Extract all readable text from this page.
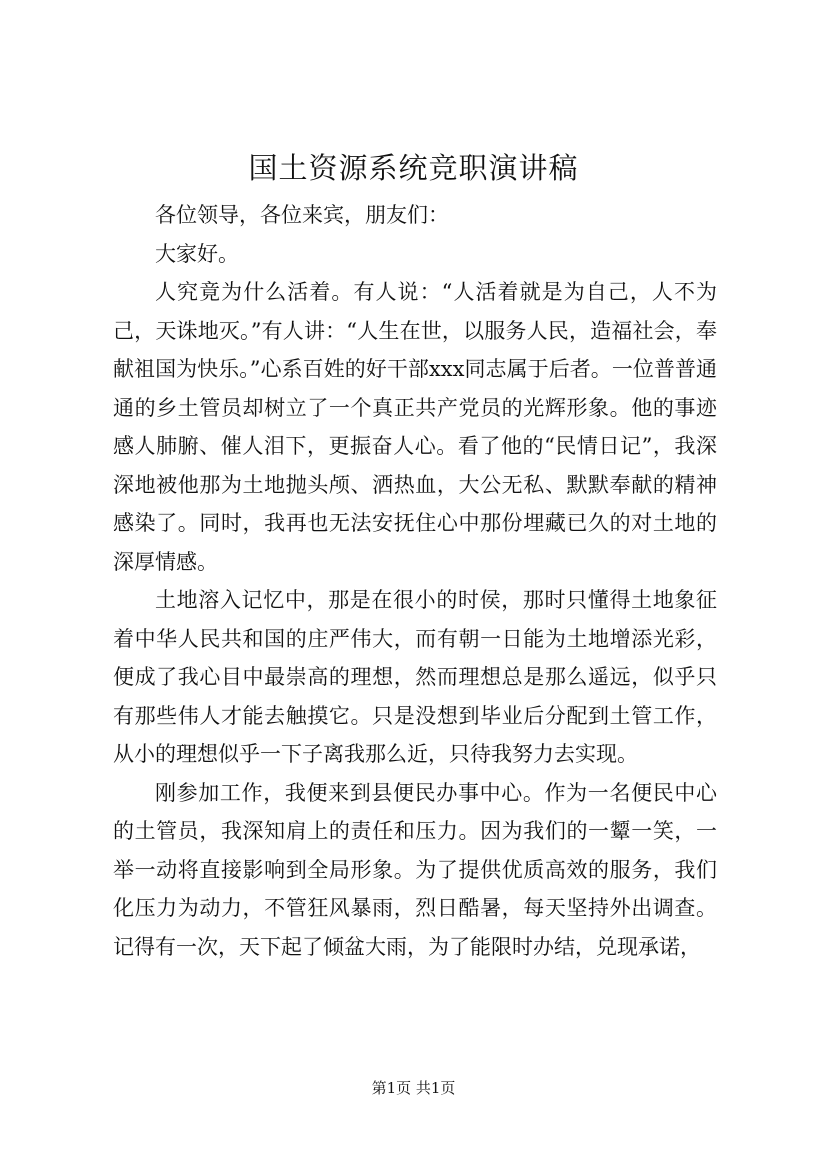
国土资源系统竞职演讲稿

各位领导，各位来宾，朋友们：

大家好。

人究竟为什么活着。有人说：“人活着就是为自己，人不为己，天诛地灭。”有人讲：“人生在世，以服务人民，造福社会，奉献祖国为快乐。”心系百姓的好干部xxx同志属于后者。一位普普通通的乡土管员却树立了一个真正共产党员的光辉形象。他的事迹感人肺腑、催人泪下，更振奋人心。看了他的“民情日记”，我深深地被他那为土地抛头颅、洒热血，大公无私、默默奉献的精神感染了。同时，我再也无法安抚住心中那份埋藏已久的对土地的深厚情感。

土地溶入记忆中，那是在很小的时侯，那时只懂得土地象征着中华人民共和国的庄严伟大，而有朝一日能为土地增添光彩，便成了我心目中最崇高的理想，然而理想总是那么遥远，似乎只有那些伟人才能去触摸它。只是没想到毕业后分配到土管工作，从小的理想似乎一下子离我那么近，只待我努力去实现。

刚参加工作，我便来到县便民办事中心。作为一名便民中心的土管员，我深知肩上的责任和压力。因为我们的一颦一笑，一举一动将直接影响到全局形象。为了提供优质高效的服务，我们化压力为动力，不管狂风暴雨，烈日酷暑，每天坚持外出调查。记得有一次，天下起了倾盆大雨，为了能限时办结，兑现承诺，

第1页 共1页
